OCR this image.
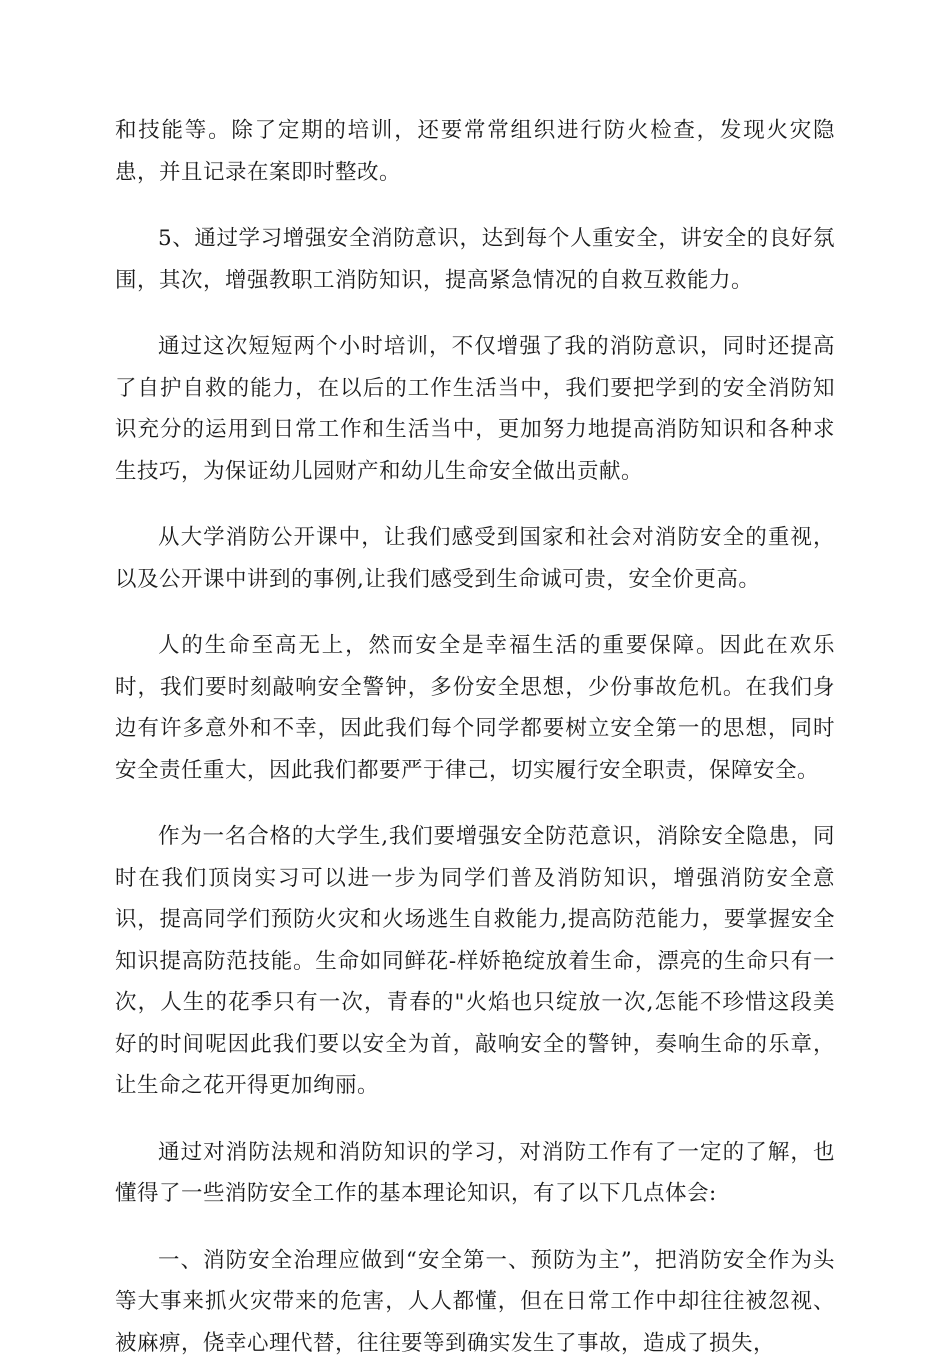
和技能等。除了定期的培训，还要常常组织进行防火检查，发现火灾隐患，并且记录在案即时整改。

5、通过学习增强安全消防意识，达到每个人重安全，讲安全的良好氛围，其次，增强教职工消防知识，提高紧急情况的自救互救能力。

通过这次短短两个小时培训，不仅增强了我的消防意识，同时还提高了自护自救的能力，在以后的工作生活当中，我们要把学到的安全消防知识充分的运用到日常工作和生活当中，更加努力地提高消防知识和各种求生技巧，为保证幼儿园财产和幼儿生命安全做出贡献。

从大学消防公开课中，让我们感受到国家和社会对消防安全的重视，以及公开课中讲到的事例,让我们感受到生命诚可贵，安全价更高。

人的生命至高无上，然而安全是幸福生活的重要保障。因此在欢乐时，我们要时刻敲响安全警钟，多份安全思想，少份事故危机。在我们身边有许多意外和不幸，因此我们每个同学都要树立安全第一的思想，同时安全责任重大，因此我们都要严于律己，切实履行安全职责，保障安全。

作为一名合格的大学生,我们要增强安全防范意识，消除安全隐患，同时在我们顶岗实习可以进一步为同学们普及消防知识，增强消防安全意识，提高同学们预防火灾和火场逃生自救能力,提高防范能力，要掌握安全知识提高防范技能。生命如同鲜花-样娇艳绽放着生命，漂亮的生命只有一次，人生的花季只有一次，青春的"火焰也只绽放一次,怎能不珍惜这段美好的时间呢因此我们要以安全为首，敲响安全的警钟，奏响生命的乐章，让生命之花开得更加绚丽。

通过对消防法规和消防知识的学习，对消防工作有了一定的了解，也懂得了一些消防安全工作的基本理论知识，有了以下几点体会:

一、消防安全治理应做到“安全第一、预防为主”，把消防安全作为头等大事来抓火灾带来的危害，人人都懂，但在日常工作中却往往被忽视、被麻痹，侥幸心理代替，往往要等到确实发生了事故，造成了损失，
